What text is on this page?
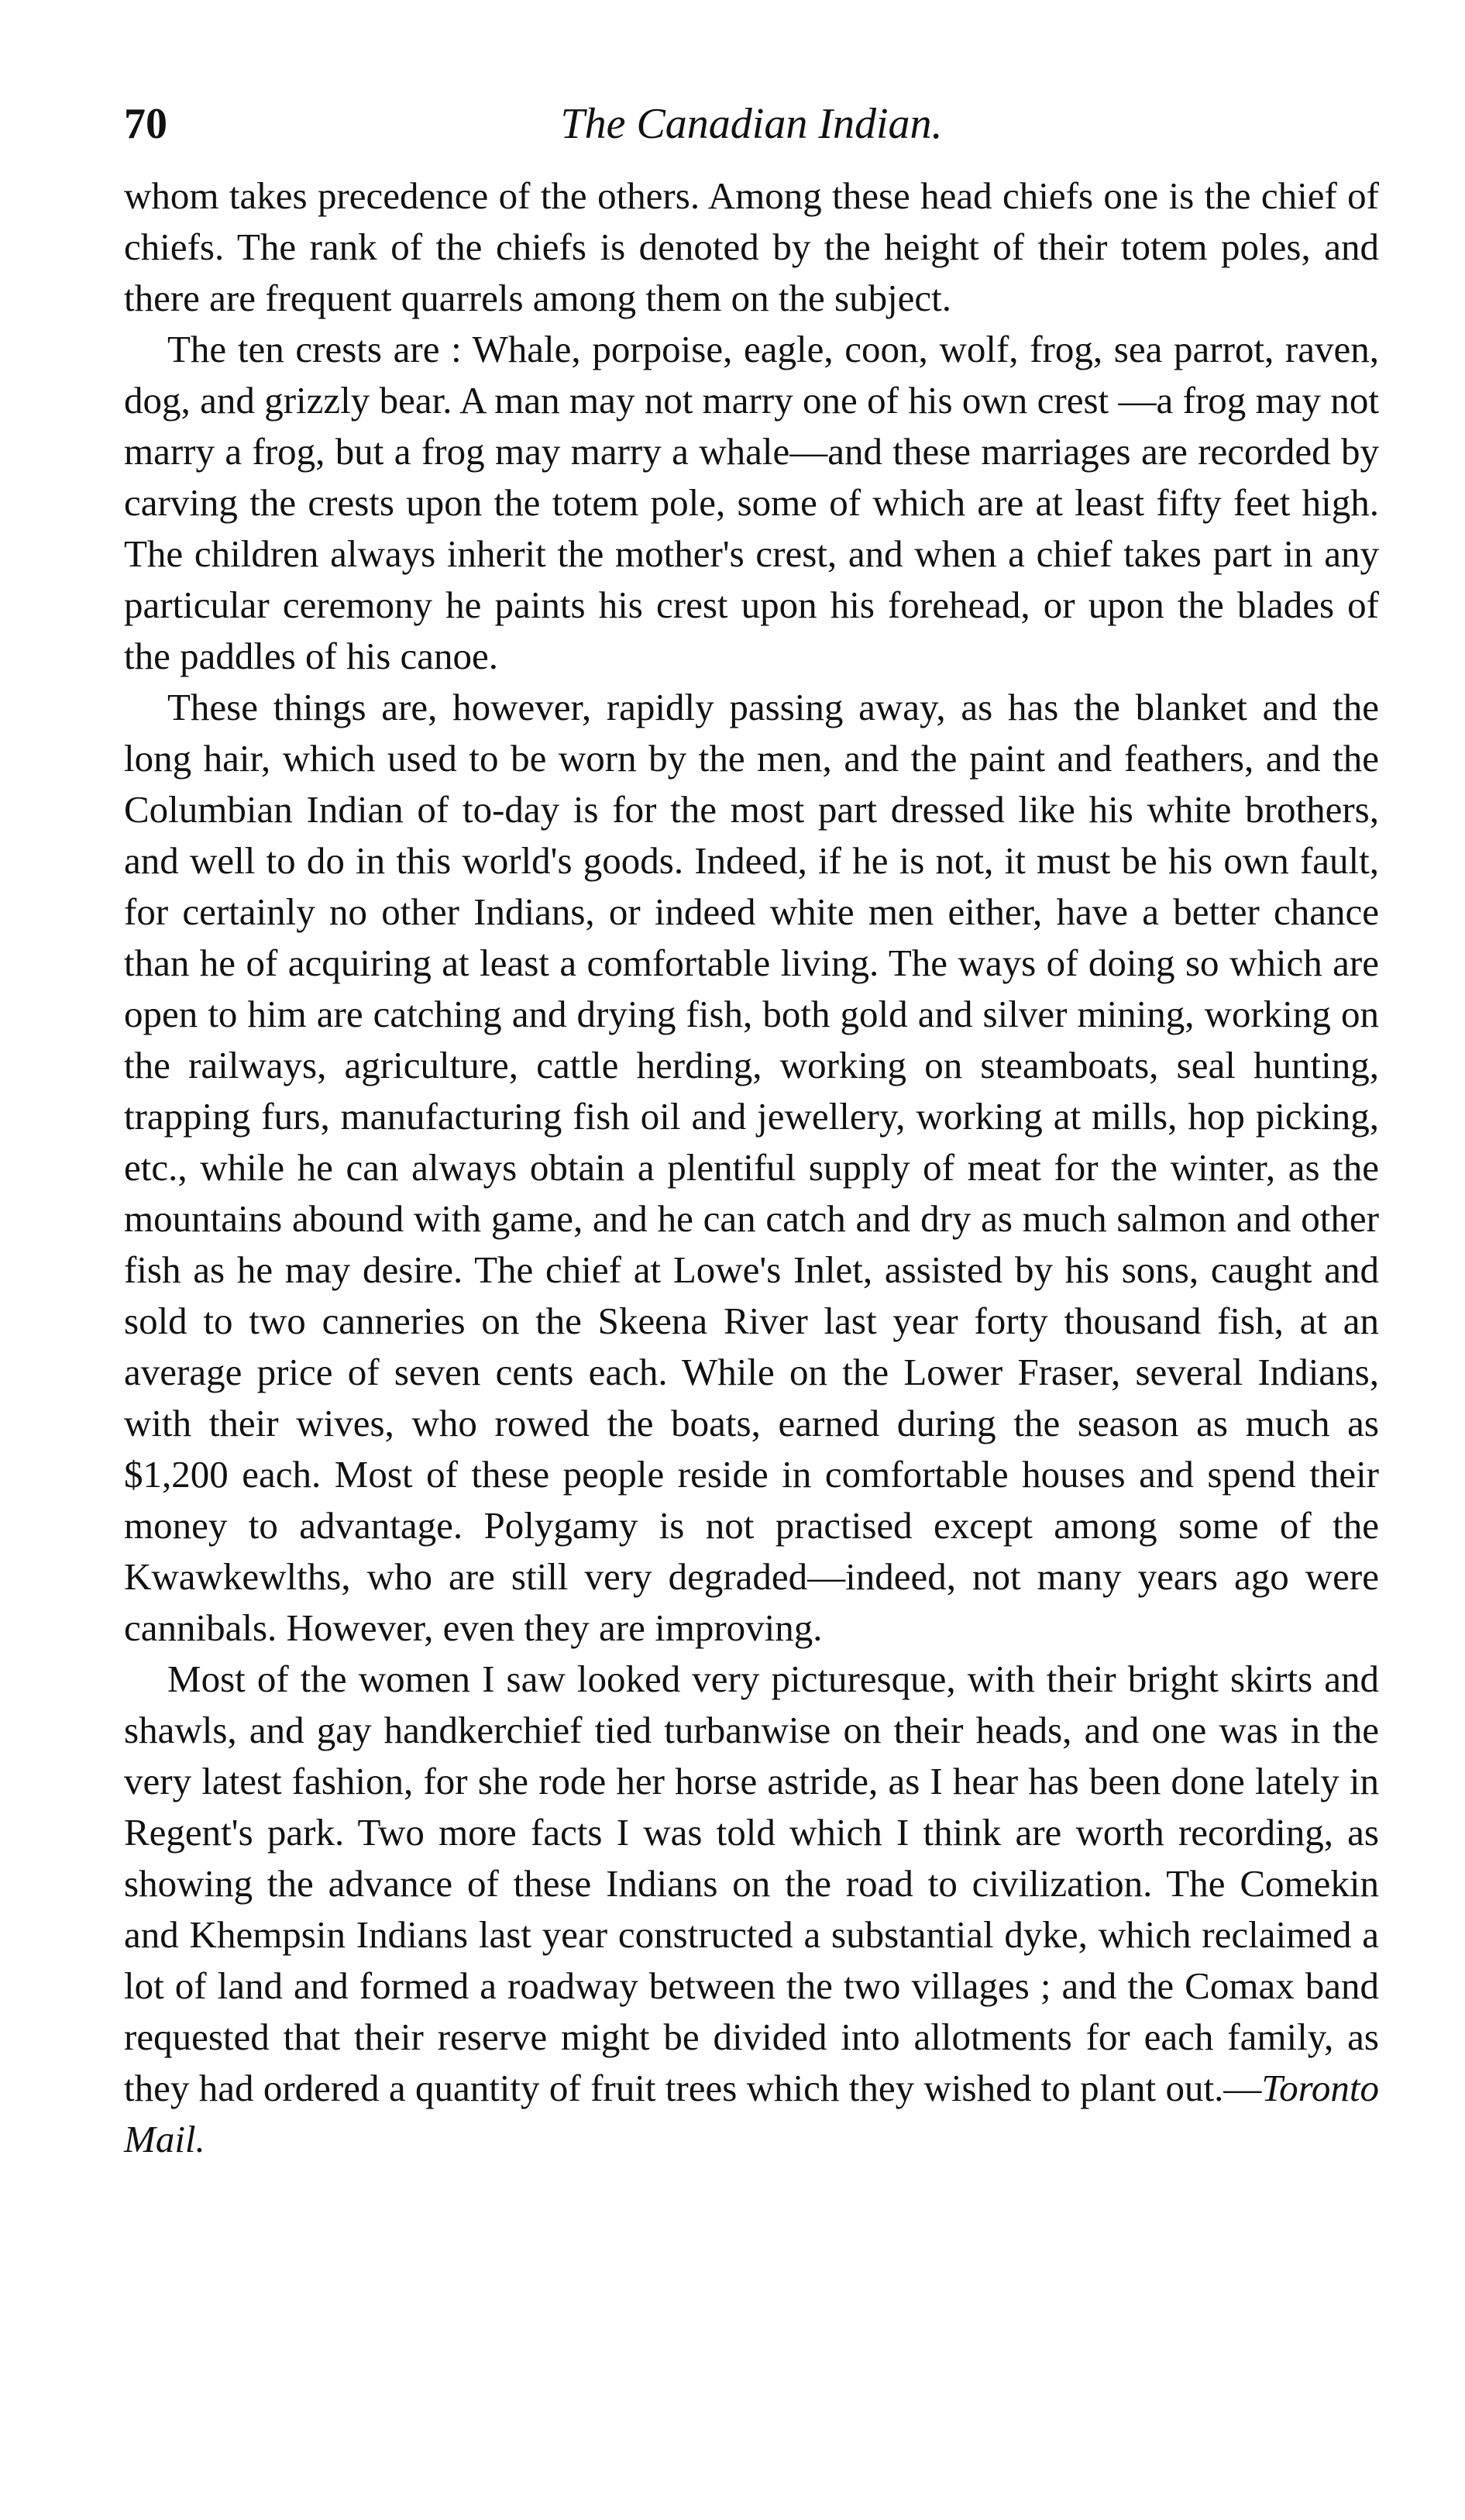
70	The Canadian Indian.

whom takes precedence of the others. Among these head chiefs one is the chief of chiefs. The rank of the chiefs is denoted by the height of their totem poles, and there are frequent quarrels among them on the subject.

The ten crests are : Whale, porpoise, eagle, coon, wolf, frog, sea parrot, raven, dog, and grizzly bear. A man may not marry one of his own crest —a frog may not marry a frog, but a frog may marry a whale—and these marriages are recorded by carving the crests upon the totem pole, some of which are at least fifty feet high. The children always inherit the mother's crest, and when a chief takes part in any particular ceremony he paints his crest upon his forehead, or upon the blades of the paddles of his canoe.

These things are, however, rapidly passing away, as has the blanket and the long hair, which used to be worn by the men, and the paint and feathers, and the Columbian Indian of to-day is for the most part dressed like his white brothers, and well to do in this world's goods. Indeed, if he is not, it must be his own fault, for certainly no other Indians, or indeed white men either, have a better chance than he of acquiring at least a comfortable living. The ways of doing so which are open to him are catching and drying fish, both gold and silver mining, working on the railways, agriculture, cattle herding, working on steamboats, seal hunting, trapping furs, manufacturing fish oil and jewellery, working at mills, hop picking, etc., while he can always obtain a plentiful supply of meat for the winter, as the mountains abound with game, and he can catch and dry as much salmon and other fish as he may desire. The chief at Lowe's Inlet, assisted by his sons, caught and sold to two canneries on the Skeena River last year forty thousand fish, at an average price of seven cents each. While on the Lower Fraser, several Indians, with their wives, who rowed the boats, earned during the season as much as $1,200 each. Most of these people reside in comfortable houses and spend their money to advantage. Polygamy is not practised except among some of the Kwawkewlths, who are still very degraded—indeed, not many years ago were cannibals. However, even they are improving.

Most of the women I saw looked very picturesque, with their bright skirts and shawls, and gay handkerchief tied turbanwise on their heads, and one was in the very latest fashion, for she rode her horse astride, as I hear has been done lately in Regent's park. Two more facts I was told which I think are worth recording, as showing the advance of these Indians on the road to civilization. The Comekin and Khempsin Indians last year constructed a substantial dyke, which reclaimed a lot of land and formed a roadway between the two villages ; and the Comax band requested that their reserve might be divided into allotments for each family, as they had ordered a quantity of fruit trees which they wished to plant out.—Toronto Mail.
